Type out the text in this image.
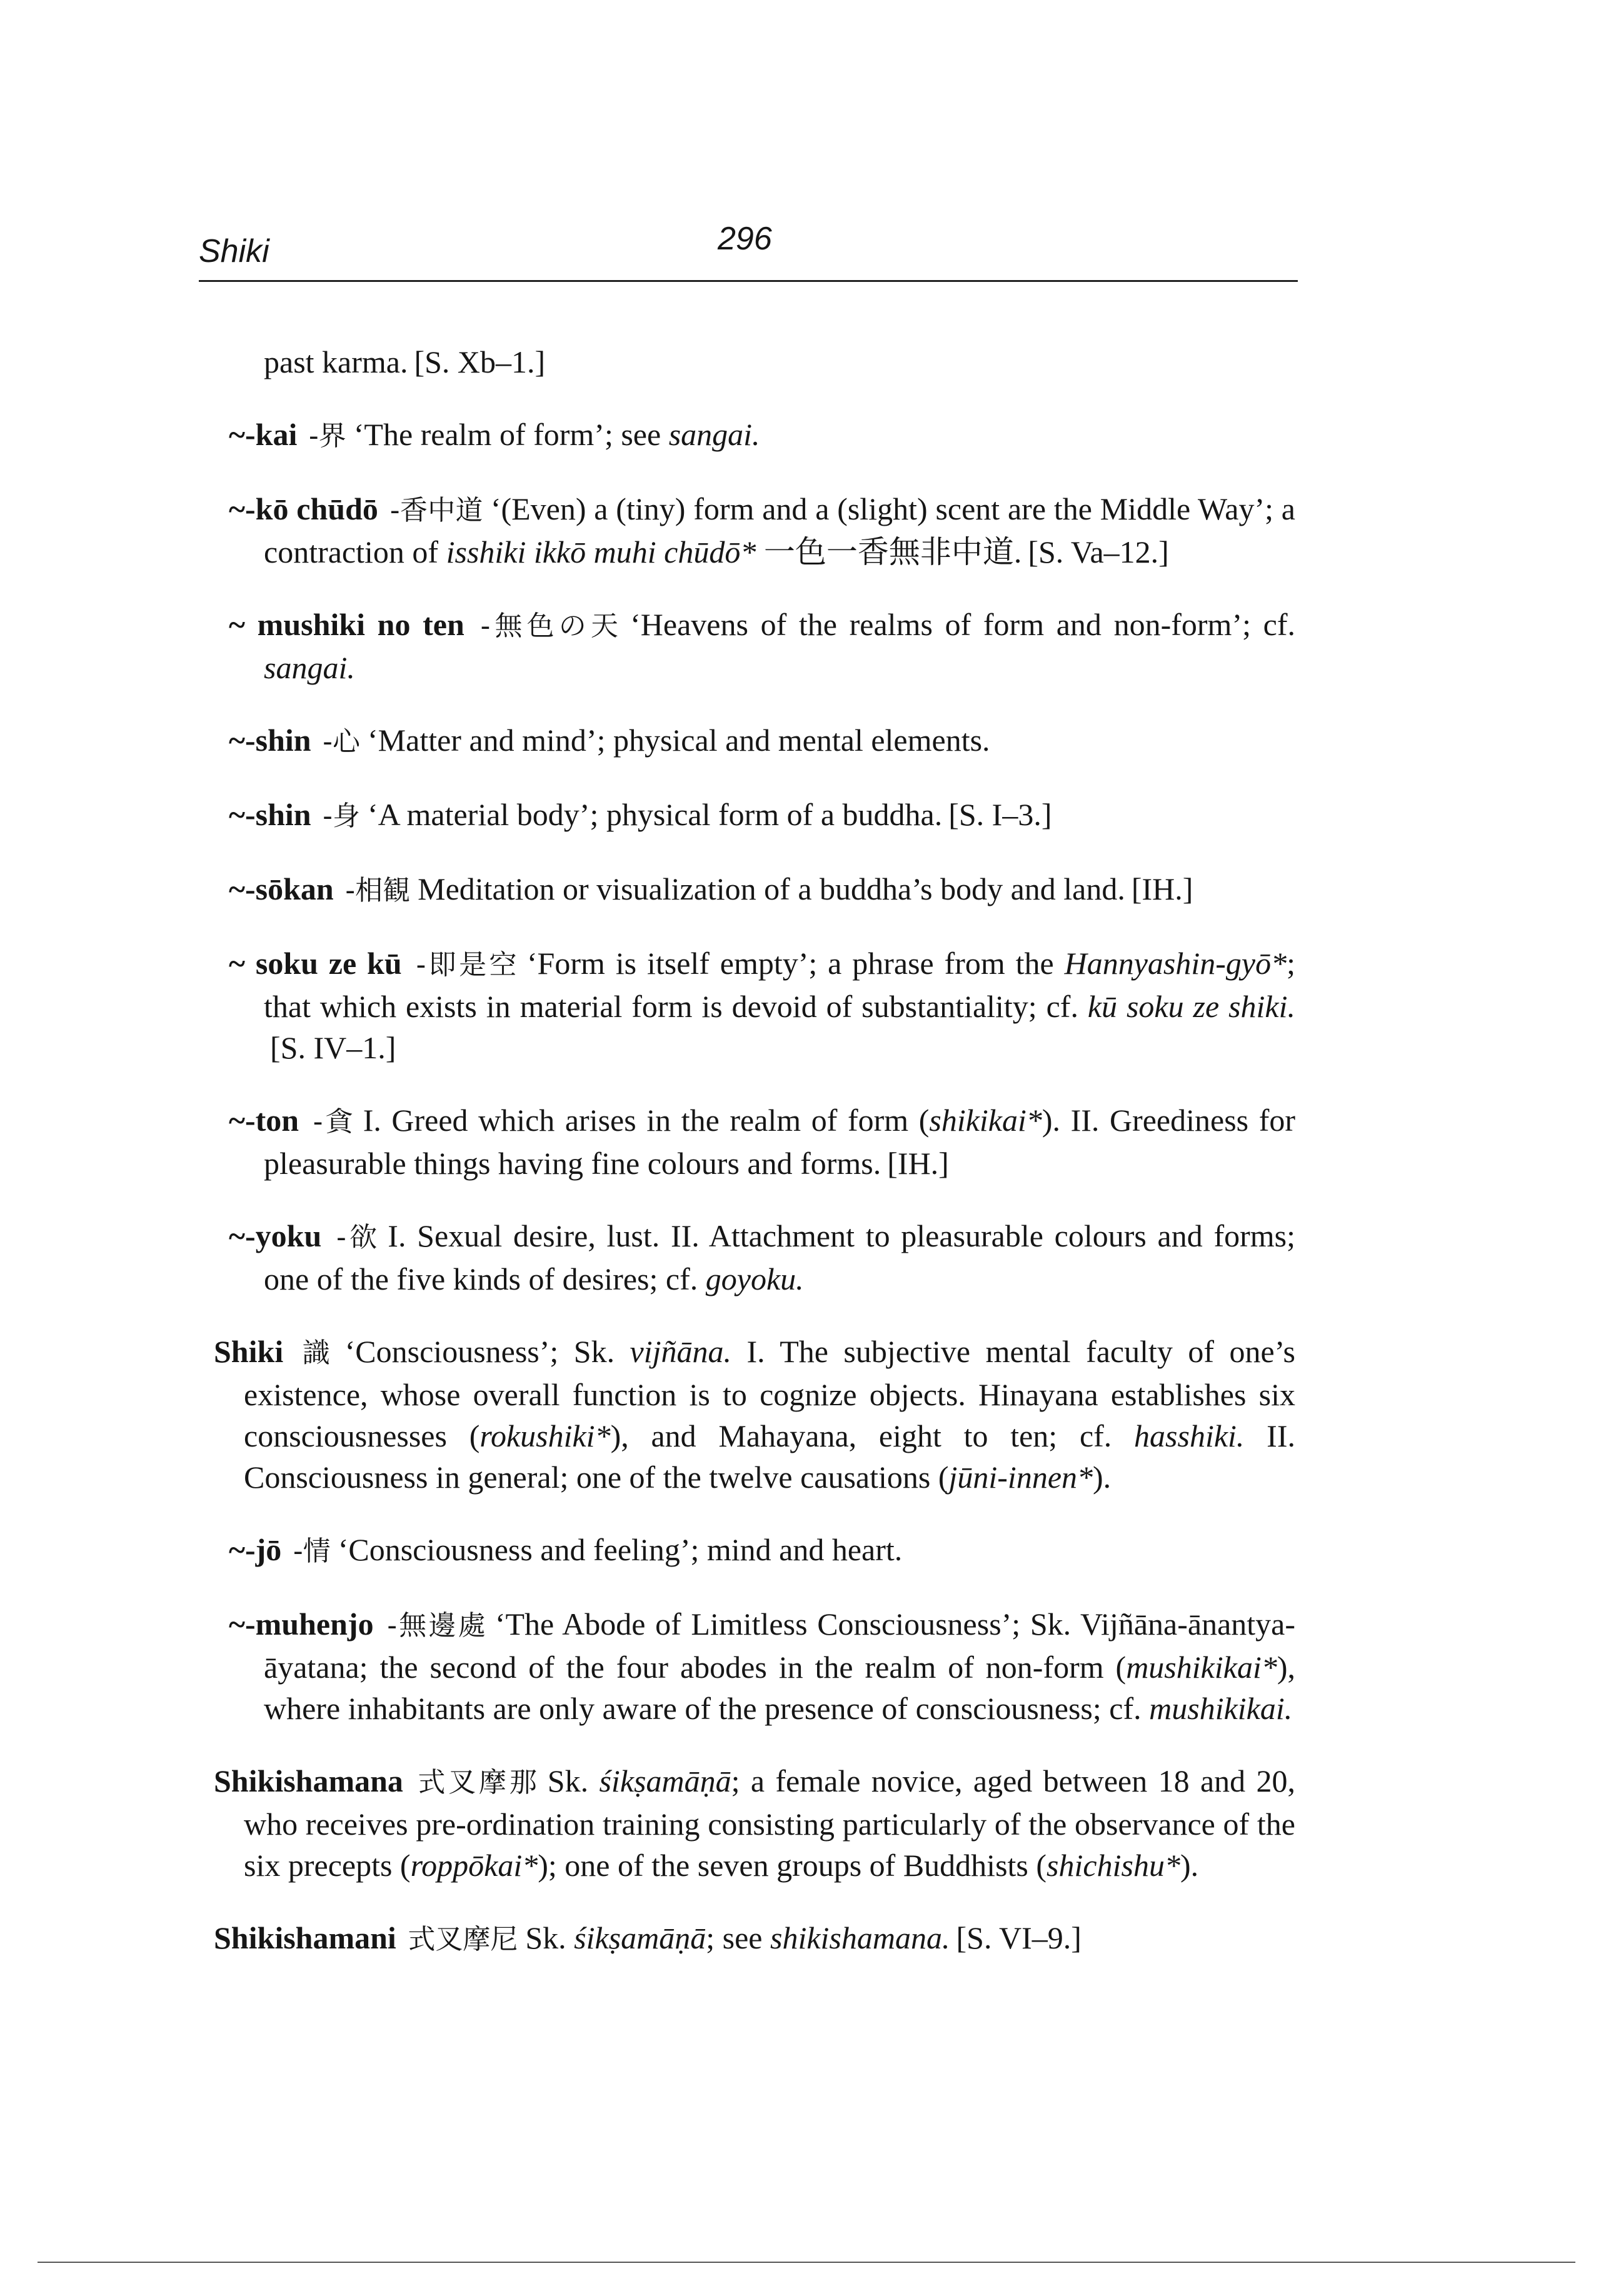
Shiki	296

past karma. [S. Xb–1.]

~-kai -界 ‘The realm of form’; see sangai.

~-kō chūdō -香中道 ‘(Even) a (tiny) form and a (slight) scent are the Middle Way’; a contraction of isshiki ikkō muhi chūdō* 一色一香無非中道. [S. Va–12.]

~ mushiki no ten -無色の天 ‘Heavens of the realms of form and non-form’; cf. sangai.

~-shin -心 ‘Matter and mind’; physical and mental elements.

~-shin -身 ‘A material body’; physical form of a buddha. [S. I–3.]

~-sōkan -相観 Meditation or visualization of a buddha’s body and land. [IH.]

~ soku ze kū -即是空 ‘Form is itself empty’; a phrase from the Hannyashin-gyō*; that which exists in material form is devoid of substantiality; cf. kū soku ze shiki.[S. IV–1.]

~-ton -貪 I. Greed which arises in the realm of form (shikikai*). II. Greediness for pleasurable things having fine colours and forms. [IH.]

~-yoku -欲 I. Sexual desire, lust. II. Attachment to pleasurable colours and forms; one of the five kinds of desires; cf. goyoku.

Shiki 識 ‘Consciousness’; Sk. vijñāna. I. The subjective mental faculty of one’s existence, whose overall function is to cognize objects. Hinayana establishes six consciousnesses (rokushiki*), and Mahayana, eight to ten; cf. hasshiki. II. Consciousness in general; one of the twelve causations (jūni-innen*).

~-jō -情 ‘Consciousness and feeling’; mind and heart.

~-muhenjo -無邊處 ‘The Abode of Limitless Consciousness’; Sk. Vijñāna-ānantya-āyatana; the second of the four abodes in the realm of non-form (mushikikai*), where inhabitants are only aware of the presence of consciousness; cf. mushikikai.

Shikishamana 式叉摩那 Sk. śikṣamāṇā; a female novice, aged between 18 and 20, who receives pre-ordination training consisting particularly of the observance of the six precepts (roppōkai*); one of the seven groups of Buddhists (shichishu*).

Shikishamani 式叉摩尼 Sk. śikṣamāṇā; see shikishamana. [S. VI–9.]
